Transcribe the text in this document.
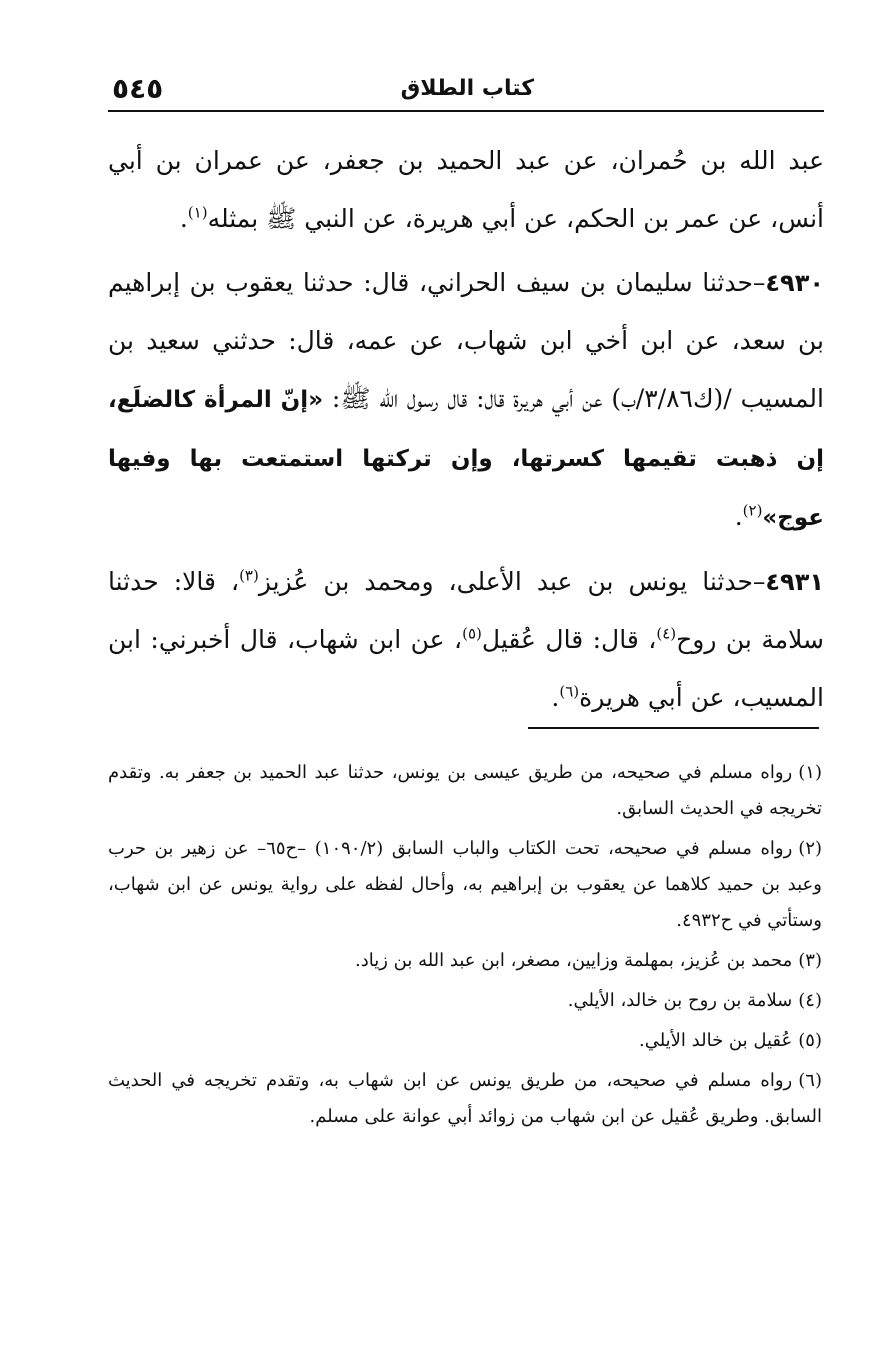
٥٤٥	كتاب الطلاق

عبد الله بن حُمران، عن عبد الحميد بن جعفر، عن عمران بن أبي أنس، عن عمر بن الحكم، عن أبي هريرة، عن النبي ﷺ بمثله$^{(١)}$.

٤٩٣٠–حدثنا سليمان بن سيف الحراني، قال: حدثنا يعقوب بن إبراهيم بن سعد، عن ابن أخي ابن شهاب، عن عمه، قال: حدثني سعيد بن المسيب /(ك٣/٨٦/ب) عن أبي هريرة قال: قال رسول الله ﷺ: «إنّ المرأة كالضلَع، إن ذهبت تقيمها كسرتها، وإن تركتها استمتعت بها وفيها عوج»$^{(٢)}$.

٤٩٣١–حدثنا يونس بن عبد الأعلى، ومحمد بن عُزيز$^{(٣)}$، قالا: حدثنا سلامة بن روح$^{(٤)}$، قال: قال عُقيل$^{(٥)}$، عن ابن شهاب، قال أخبرني: ابن المسيب، عن أبي هريرة$^{(٦)}$.

(١)رواه مسلم في صحيحه، من طريق عيسى بن يونس، حدثنا عبد الحميد بن جعفر به. وتقدم تخريجه في الحديث السابق.

(٢)رواه مسلم في صحيحه، تحت الكتاب والباب السابق (١٠٩٠/٢) –ح٦٥– عن زهير بن حرب وعبد بن حميد كلاهما عن يعقوب بن إبراهيم به، وأحال لفظه على رواية يونس عن ابن شهاب، وستأتي في ح٤٩٣٢.

(٣)محمد بن عُزيز، بمهلمة وزايين، مصغر، ابن عبد الله بن زياد.

(٤)سلامة بن روح بن خالد، الأيلي.

(٥)عُقيل بن خالد الأيلي.

(٦)رواه مسلم في صحيحه، من طريق يونس عن ابن شهاب به، وتقدم تخريجه في الحديث السابق. وطريق عُقيل عن ابن شهاب من زوائد أبي عوانة على مسلم.
